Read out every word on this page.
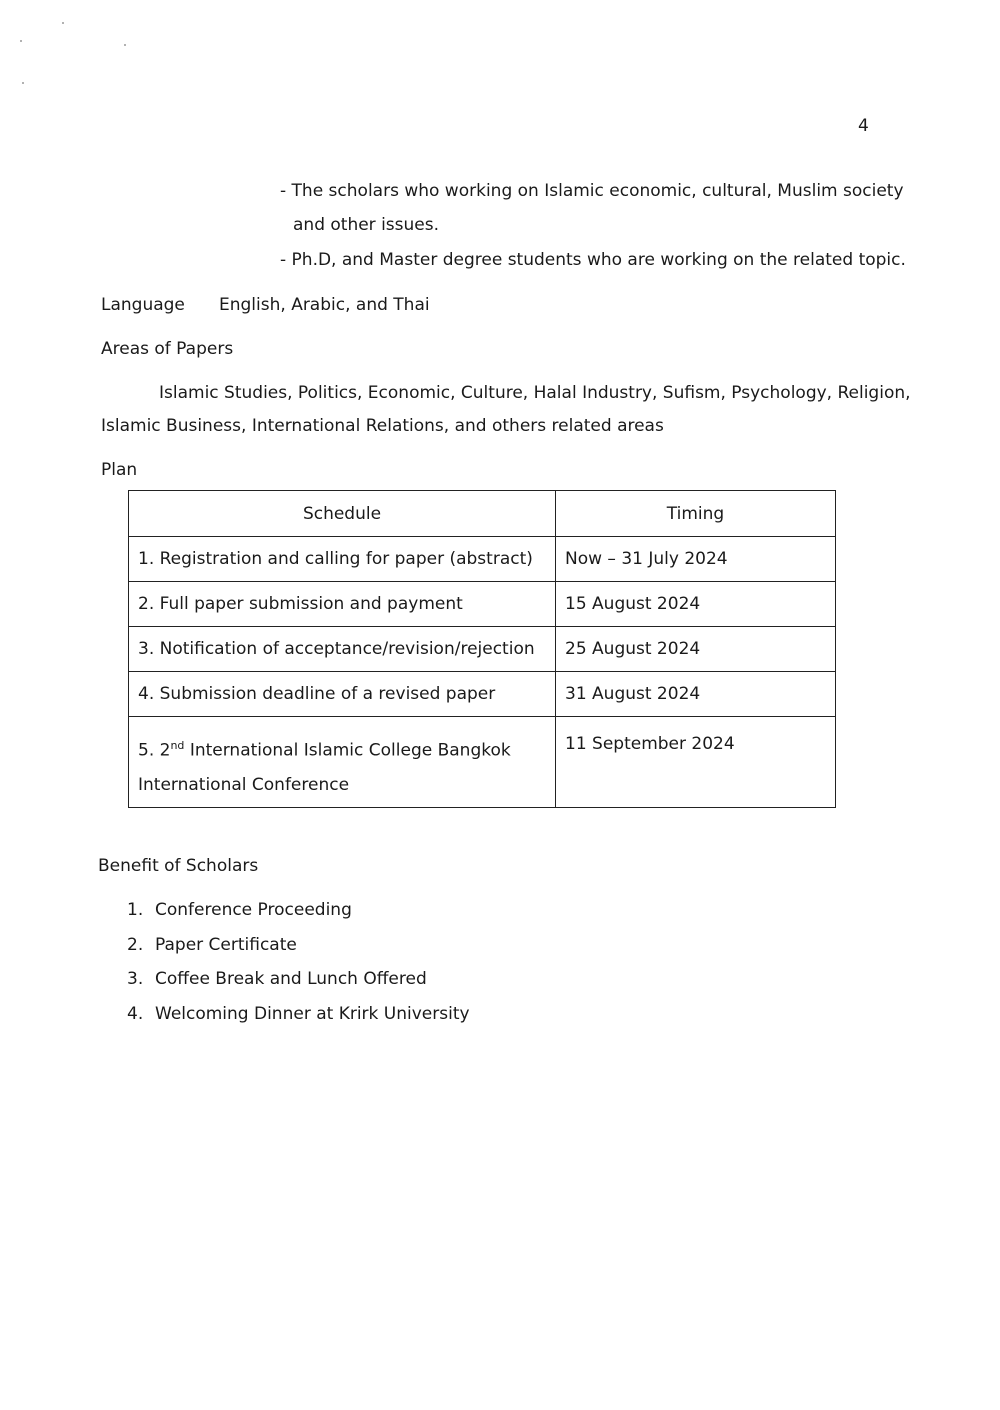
4
- The scholars who working on Islamic economic, cultural, Muslim society
and other issues.
- Ph.D, and Master degree students who are working on the related topic.
Language English, Arabic, and Thai
Areas of Papers
Islamic Studies, Politics, Economic, Culture, Halal Industry, Sufism, Psychology, Religion,
Islamic Business, International Relations, and others related areas
Plan
Schedule	Timing
1. Registration and calling for paper (abstract)	Now – 31 July 2024
2. Full paper submission and payment	15 August 2024
3. Notification of acceptance/revision/rejection	25 August 2024
4. Submission deadline of a revised paper	31 August 2024
5. 2nd International Islamic College Bangkok
International Conference	11 September 2024
Benefit of Scholars
1. Conference Proceeding
2. Paper Certificate
3. Coffee Break and Lunch Offered
4. Welcoming Dinner at Krirk University
